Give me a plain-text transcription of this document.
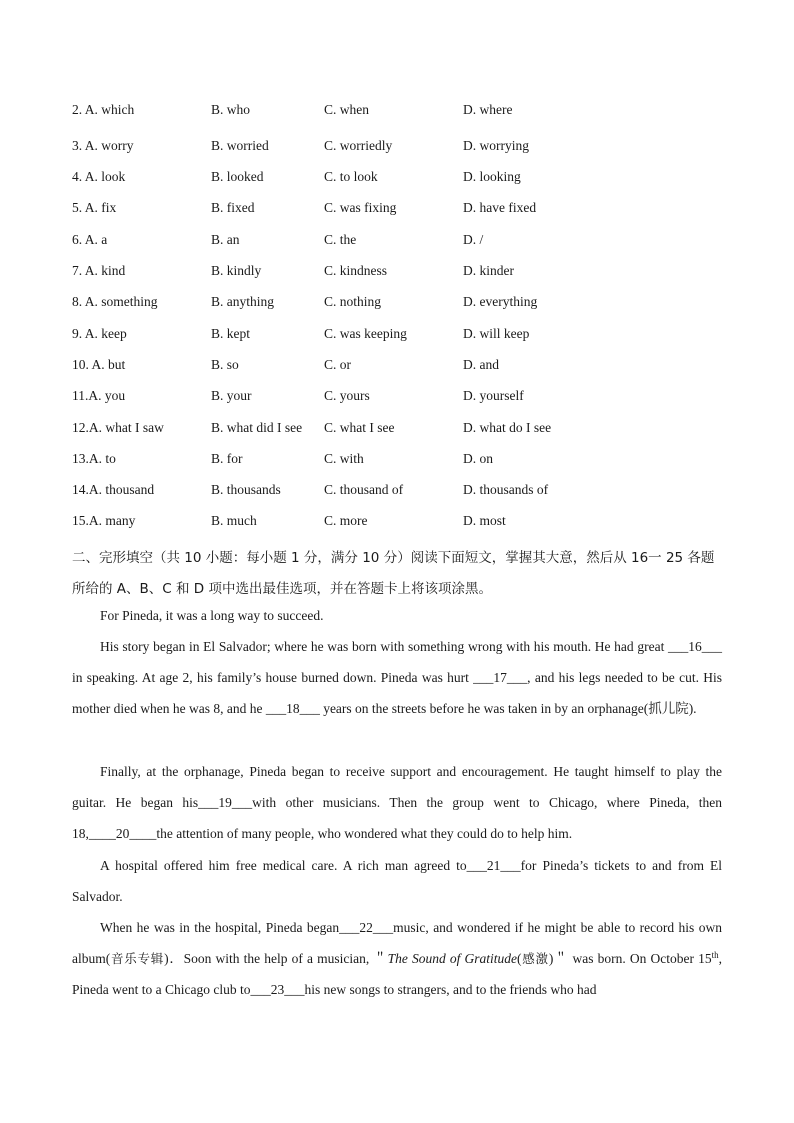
2. A. which	B. who	C. when	D. where
3. A. worry	B. worried	C. worriedly	D. worrying
4. A. look	B. looked	C. to look	D. looking
5. A. fix	B. fixed	C. was fixing	D. have fixed
6. A. a	B. an	C. the	D. /
7. A. kind	B. kindly	C. kindness	D. kinder
8. A. something	B. anything	C. nothing	D. everything
9. A. keep	B. kept	C. was keeping	D. will keep
10. A. but	B. so	C. or	D. and
11.A. you	B. your	C. yours	D. yourself
12.A. what I saw	B. what did I see C. what I see	D. what do I see
13.A. to	B. for	C. with	D. on
14.A. thousand	B. thousands	C. thousand of	D. thousands of
15.A. many	B. much	C. more	D. most
二、完形填空（共 10 小题：每小题 1 分，满分 10 分）阅读下面短文，掌握其大意，然后从 16一 25 各题所给的 A、B、C 和 D 项中选出最佳选项，并在答题卡上将该项涂黑。
For Pineda, it was a long way to succeed.
His story began in El Salvador; where he was born with something wrong with his mouth. He had great ___16___ in speaking. At age 2, his family’s house burned down. Pineda was hurt ___17___, and his legs needed to be cut. His mother died when he was 8, and he ___18___ years on the streets before he was taken in by an orphanage(抓儿院).
Finally, at the orphanage, Pineda began to receive support and encouragement. He taught himself to play the guitar. He began his___19___with other musicians. Then the group went to Chicago, where Pineda, then 18,____20____the attention of many people, who wondered what they could do to help him.
A hospital offered him free medical care. A rich man agreed to___21___for Pineda’s tickets to and from El Salvador.
When he was in the hospital, Pineda began___22___music, and wondered if he might be able to record his own album(音乐专辑)．Soon with the help of a musician, ＂The Sound of Gratitude(感激)＂ was born. On October 15th, Pineda went to a Chicago club to___23___his new songs to strangers, and to the friends who had
